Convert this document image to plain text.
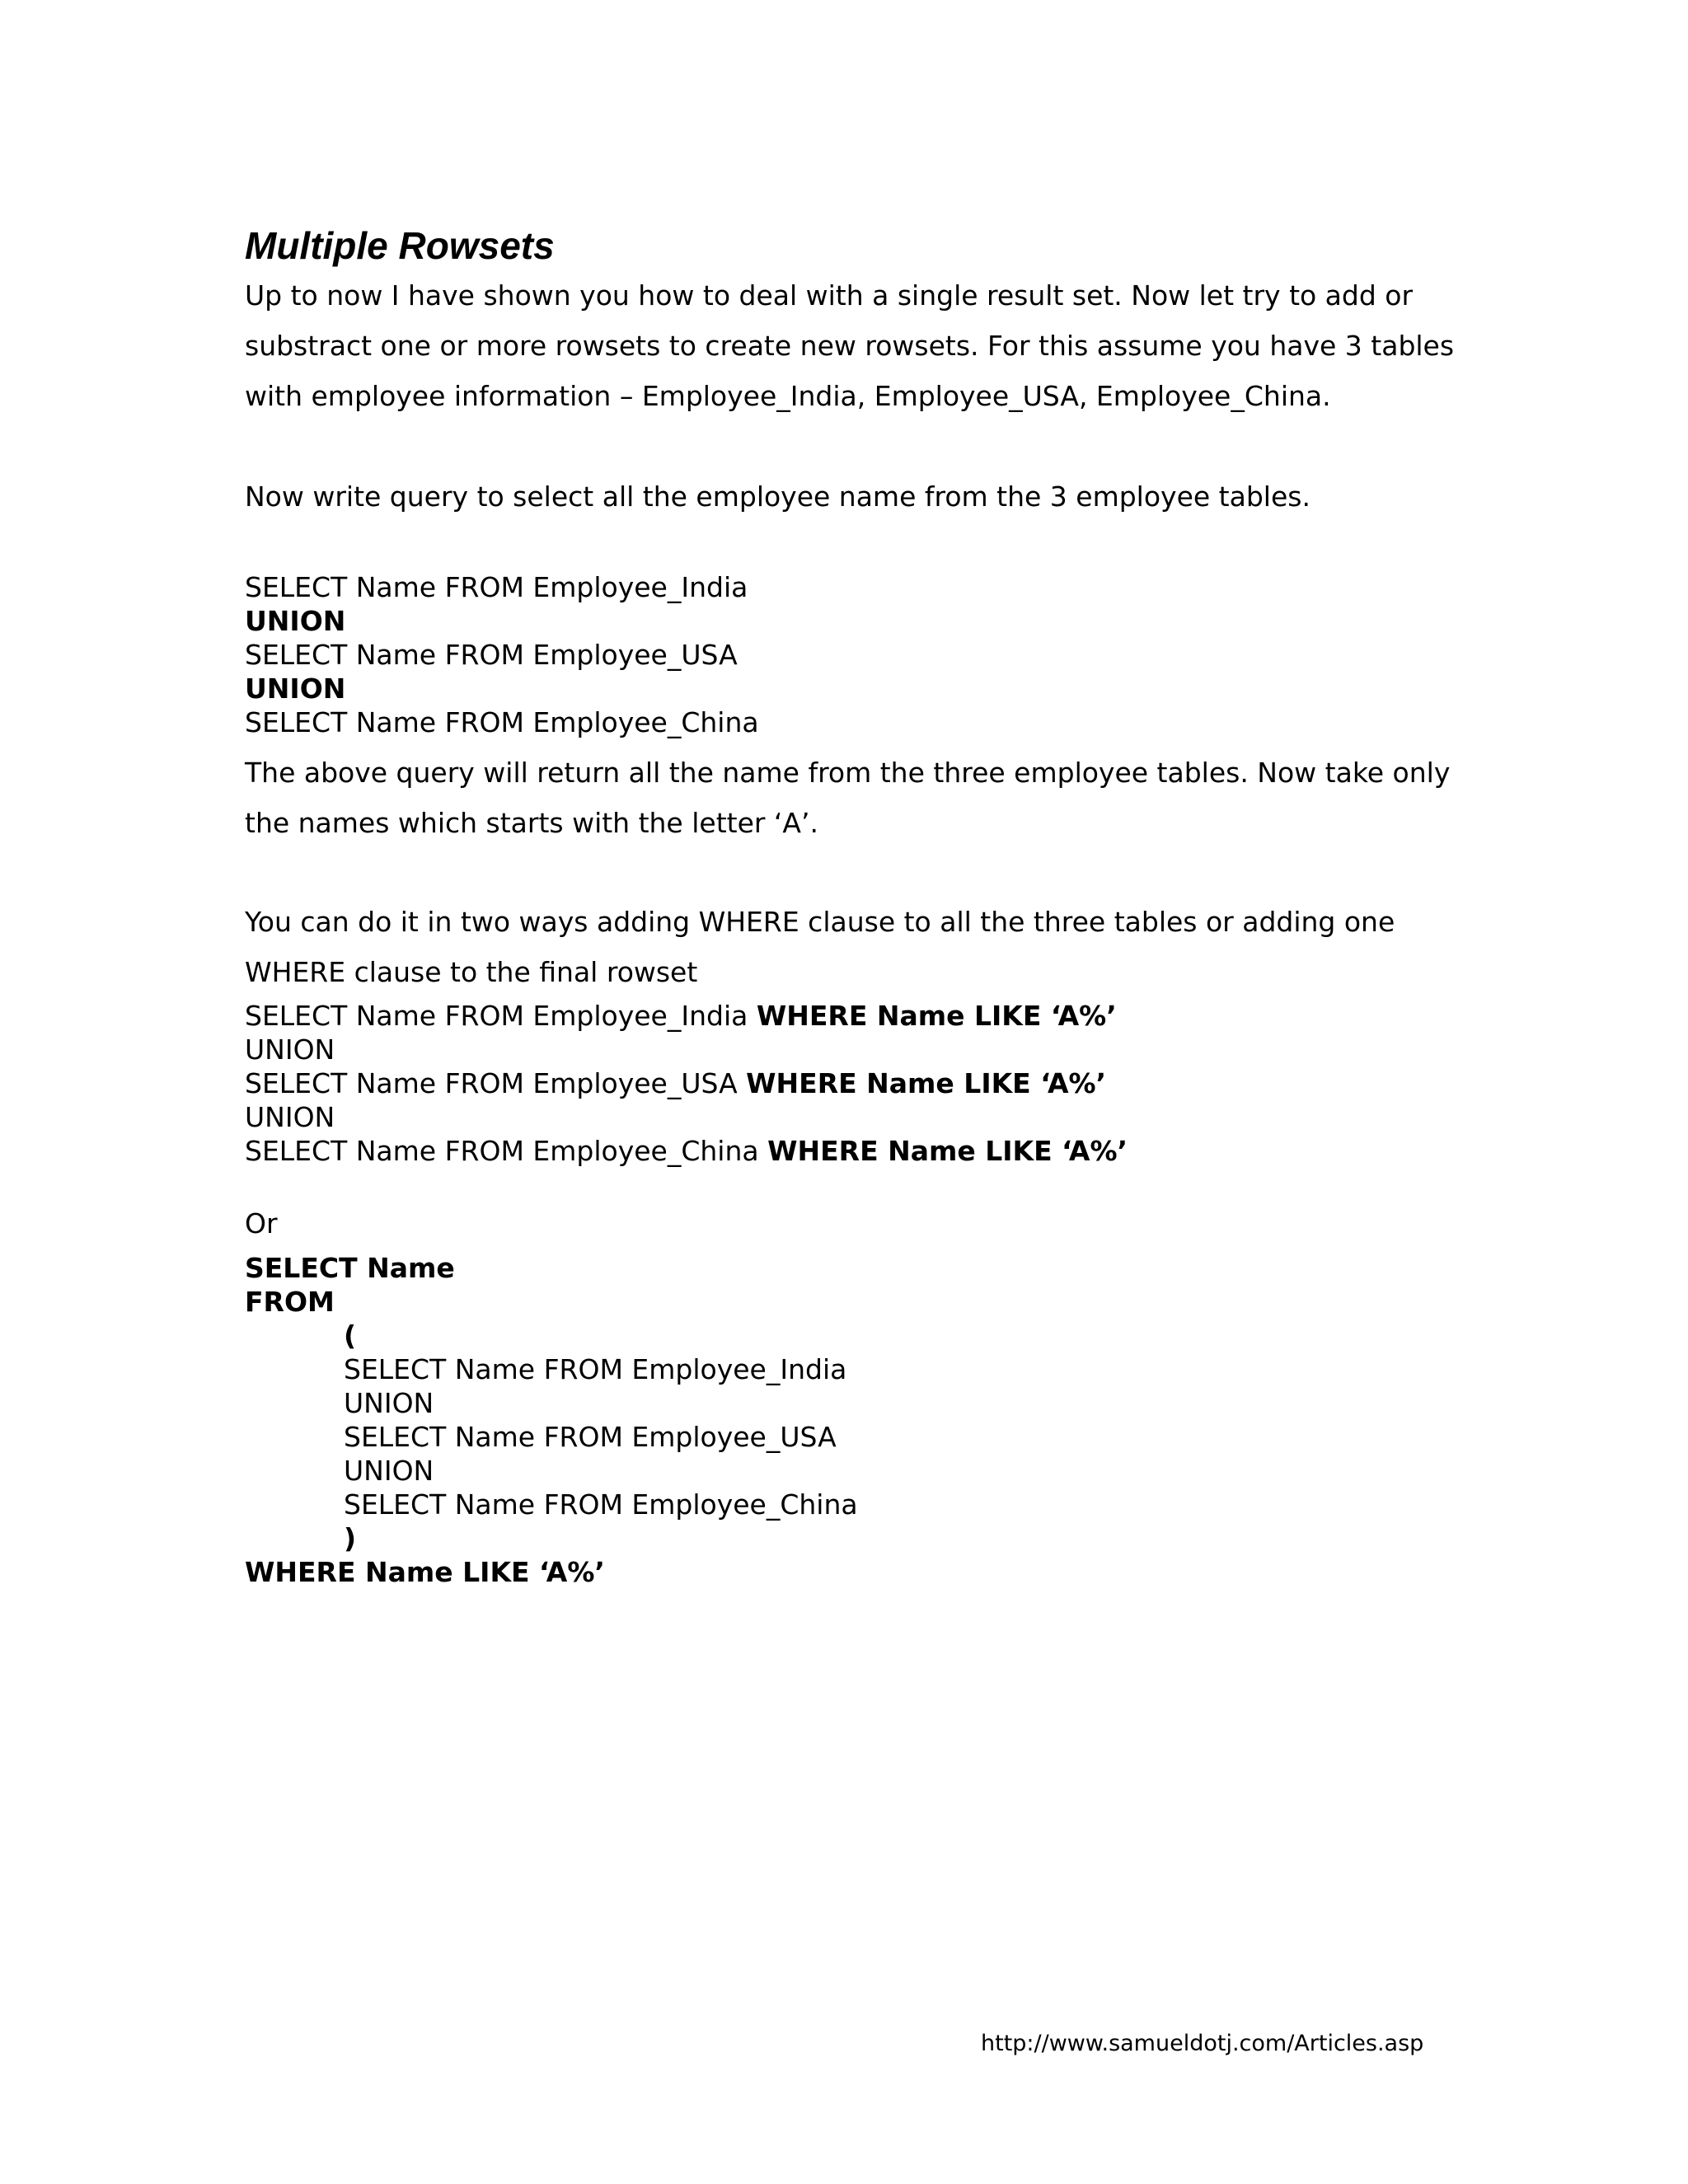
Multiple Rowsets

Up to now I have shown you how to deal with a single result set. Now let try to add or substract one or more rowsets to create new rowsets. For this assume you have 3 tables with employee information – Employee_India, Employee_USA, Employee_China.

Now write query to select all the employee name from the 3 employee tables.

SELECT Name FROM Employee_India
UNION
SELECT Name FROM Employee_USA
UNION
SELECT Name FROM Employee_China

The above query will return all the name from the three employee tables. Now take only the names which starts with the letter ‘A’.

You can do it in two ways adding WHERE clause to all the three tables or adding one WHERE clause to the final rowset

SELECT Name FROM Employee_India WHERE Name LIKE ‘A%’
UNION
SELECT Name FROM Employee_USA WHERE Name LIKE ‘A%’
UNION
SELECT Name FROM Employee_China WHERE Name LIKE ‘A%’

Or

SELECT Name
FROM
(
SELECT Name FROM Employee_India
UNION
SELECT Name FROM Employee_USA
UNION
SELECT Name FROM Employee_China
)
WHERE Name LIKE ‘A%’
http://www.samueldotj.com/Articles.asp
